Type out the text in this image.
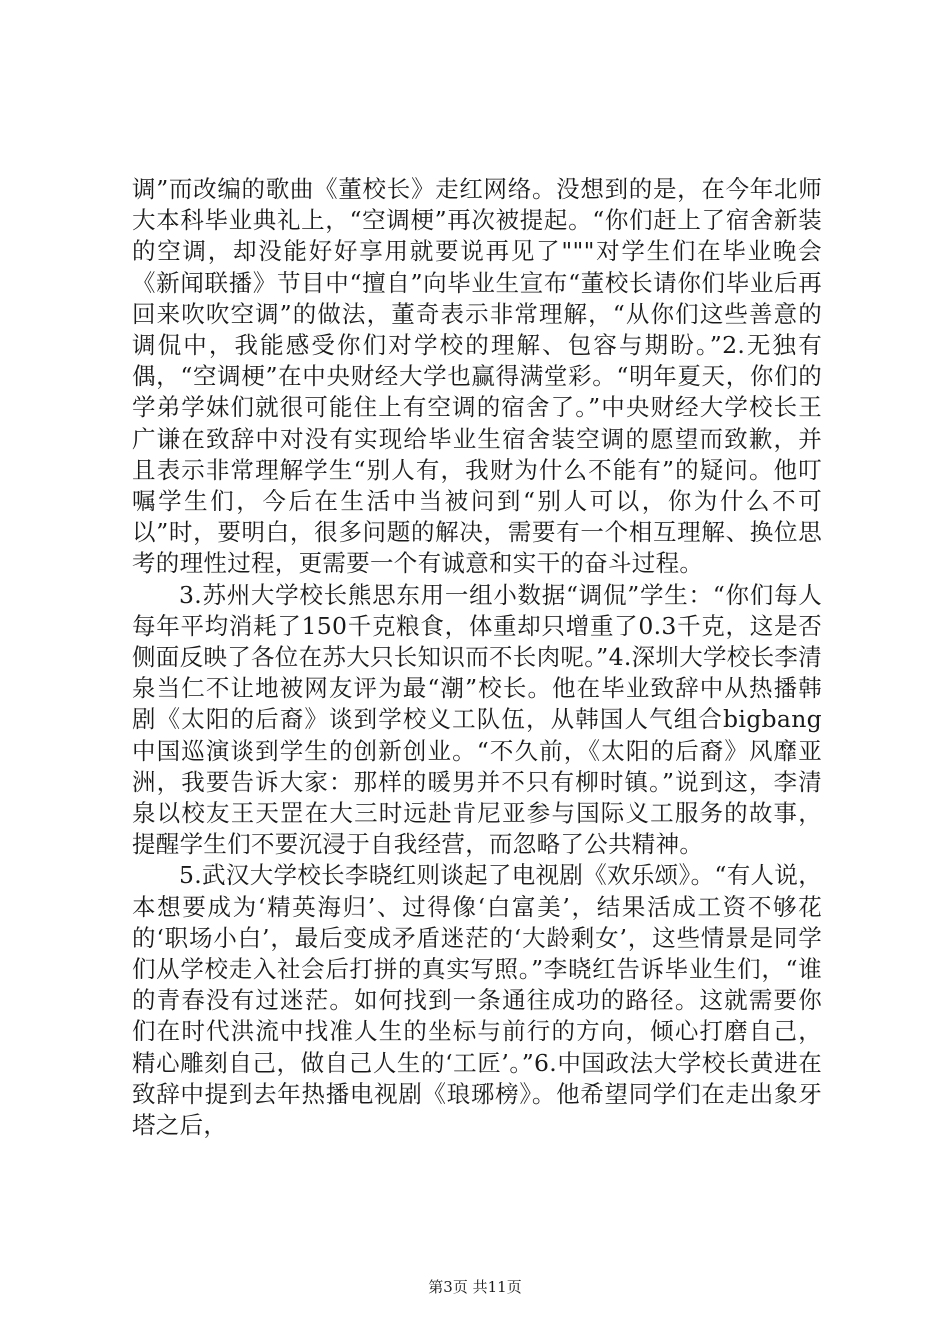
调”而改编的歌曲《董校长》走红网络。没想到的是，在今年北师大本科毕业典礼上，“空调梗”再次被提起。“你们赶上了宿舍新装的空调，却没能好好享用就要说再见了"""对学生们在毕业晚会《新闻联播》节目中“擅自”向毕业生宣布“董校长请你们毕业后再回来吹吹空调”的做法，董奇表示非常理解，“从你们这些善意的调侃中，我能感受你们对学校的理解、包容与期盼。”2.无独有偶，“空调梗”在中央财经大学也赢得满堂彩。“明年夏天，你们的学弟学妹们就很可能住上有空调的宿舍了。”中央财经大学校长王广谦在致辞中对没有实现给毕业生宿舍装空调的愿望而致歉，并且表示非常理解学生“别人有，我财为什么不能有”的疑问。他叮嘱学生们，今后在生活中当被问到“别人可以，你为什么不可以”时，要明白，很多问题的解决，需要有一个相互理解、换位思考的理性过程，更需要一个有诚意和实干的奋斗过程。

3.苏州大学校长熊思东用一组小数据“调侃”学生：“你们每人每年平均消耗了150千克粮食，体重却只增重了0.3千克，这是否侧面反映了各位在苏大只长知识而不长肉呢。”4.深圳大学校长李清泉当仁不让地被网友评为最“潮”校长。他在毕业致辞中从热播韩剧《太阳的后裔》谈到学校义工队伍，从韩国人气组合bigbang中国巡演谈到学生的创新创业。“不久前，《太阳的后裔》风靡亚洲，我要告诉大家：那样的暖男并不只有柳时镇。”说到这，李清泉以校友王天罡在大三时远赴肯尼亚参与国际义工服务的故事，提醒学生们不要沉浸于自我经营，而忽略了公共精神。

5.武汉大学校长李晓红则谈起了电视剧《欢乐颂》。“有人说，本想要成为‘精英海归’、过得像‘白富美’，结果活成工资不够花的‘职场小白’，最后变成矛盾迷茫的‘大龄剩女’，这些情景是同学们从学校走入社会后打拼的真实写照。”李晓红告诉毕业生们，“谁的青春没有过迷茫。如何找到一条通往成功的路径。这就需要你们在时代洪流中找准人生的坐标与前行的方向，倾心打磨自己，精心雕刻自己，做自己人生的‘工匠’。”6.中国政法大学校长黄进在致辞中提到去年热播电视剧《琅琊榜》。他希望同学们在走出象牙塔之后，

第3页 共11页
